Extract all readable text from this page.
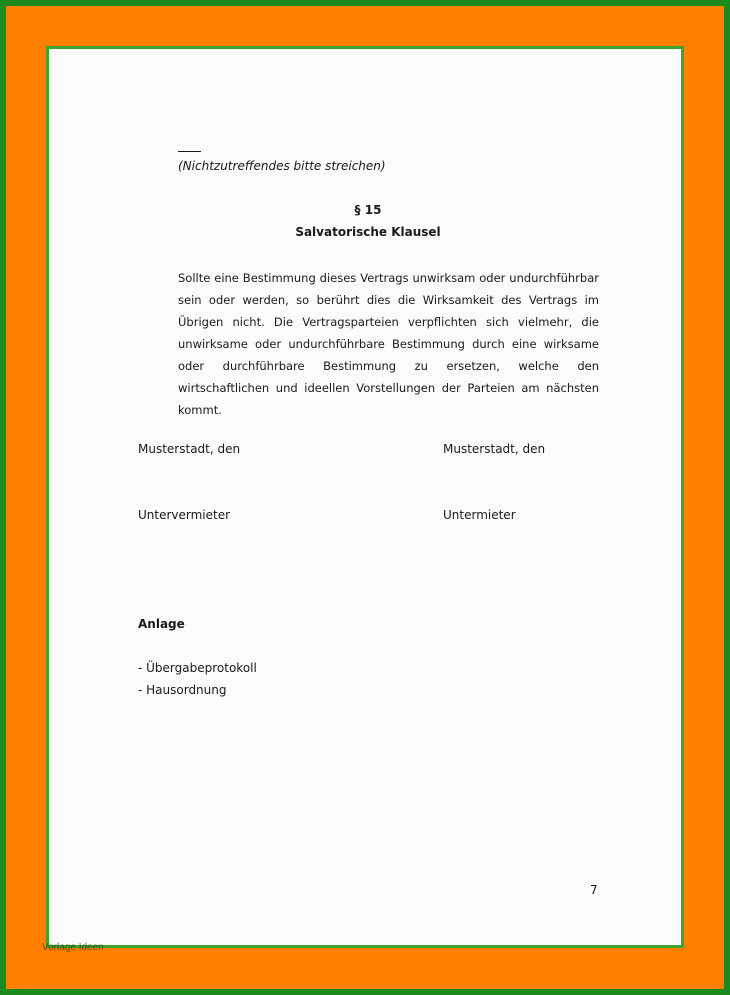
(Nichtzutreffendes bitte streichen)
§ 15
Salvatorische Klausel
Sollte eine Bestimmung dieses Vertrags unwirksam oder undurchführbar
sein oder werden, so berührt dies die Wirksamkeit des Vertrags im
Übrigen nicht. Die Vertragsparteien verpflichten sich vielmehr, die
unwirksame oder undurchführbare Bestimmung durch eine wirksame
oder durchführbare Bestimmung zu ersetzen, welche den
wirtschaftlichen und ideellen Vorstellungen der Parteien am nächsten
kommt.
Musterstadt, den	Musterstadt, den
Untervermieter	Untermieter
Anlage
- Übergabeprotokoll
- Hausordnung
7
Vorlage Ideen
